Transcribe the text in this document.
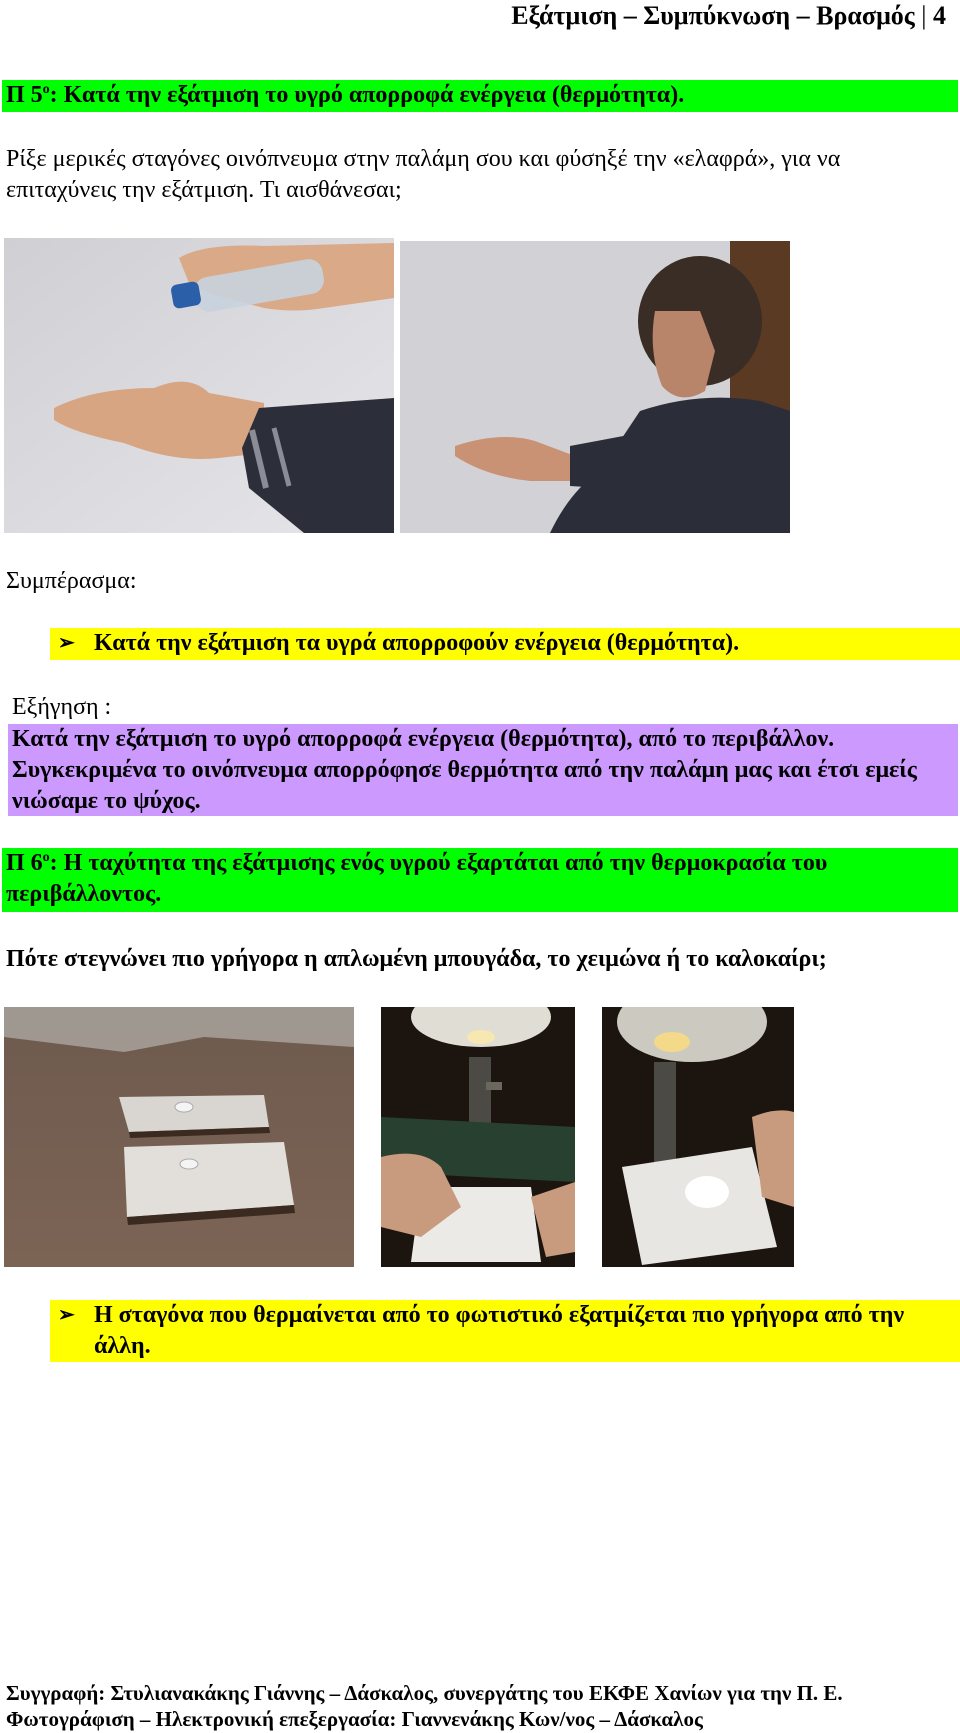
Εξάτμιση – Συμπύκνωση – Βρασμός | 4
Π $5^o$: Κατά την εξάτμιση το υγρό απορροφά ενέργεια (θερμότητα).
Ρίξε μερικές σταγόνες οινόπνευμα στην παλάμη σου και φύσηξέ την «ελαφρά», για να επιταχύνεις την εξάτμιση. Τι αισθάνεσαι;
Συμπέρασμα:
➢ Κατά την εξάτμιση τα υγρά απορροφούν ενέργεια (θερμότητα).
Εξήγηση :
Κατά την εξάτμιση το υγρό απορροφά ενέργεια (θερμότητα), από το περιβάλλον. Συγκεκριμένα το οινόπνευμα απορρόφησε θερμότητα από την παλάμη μας και έτσι εμείς νιώσαμε το ψύχος.
Π $6^o$: Η ταχύτητα της εξάτμισης ενός υγρού εξαρτάται από την θερμοκρασία του περιβάλλοντος.
Πότε στεγνώνει πιο γρήγορα η απλωμένη μπουγάδα, το χειμώνα ή το καλοκαίρι;
➢ Η σταγόνα που θερμαίνεται από το φωτιστικό εξατμίζεται πιο γρήγορα από την άλλη.
Συγγραφή: Στυλιανακάκης Γιάννης – Δάσκαλος, συνεργάτης του ΕΚΦΕ Χανίων για την Π. Ε.
Φωτογράφιση – Ηλεκτρονική επεξεργασία: Γιαννενάκης Κων/νος – Δάσκαλος
